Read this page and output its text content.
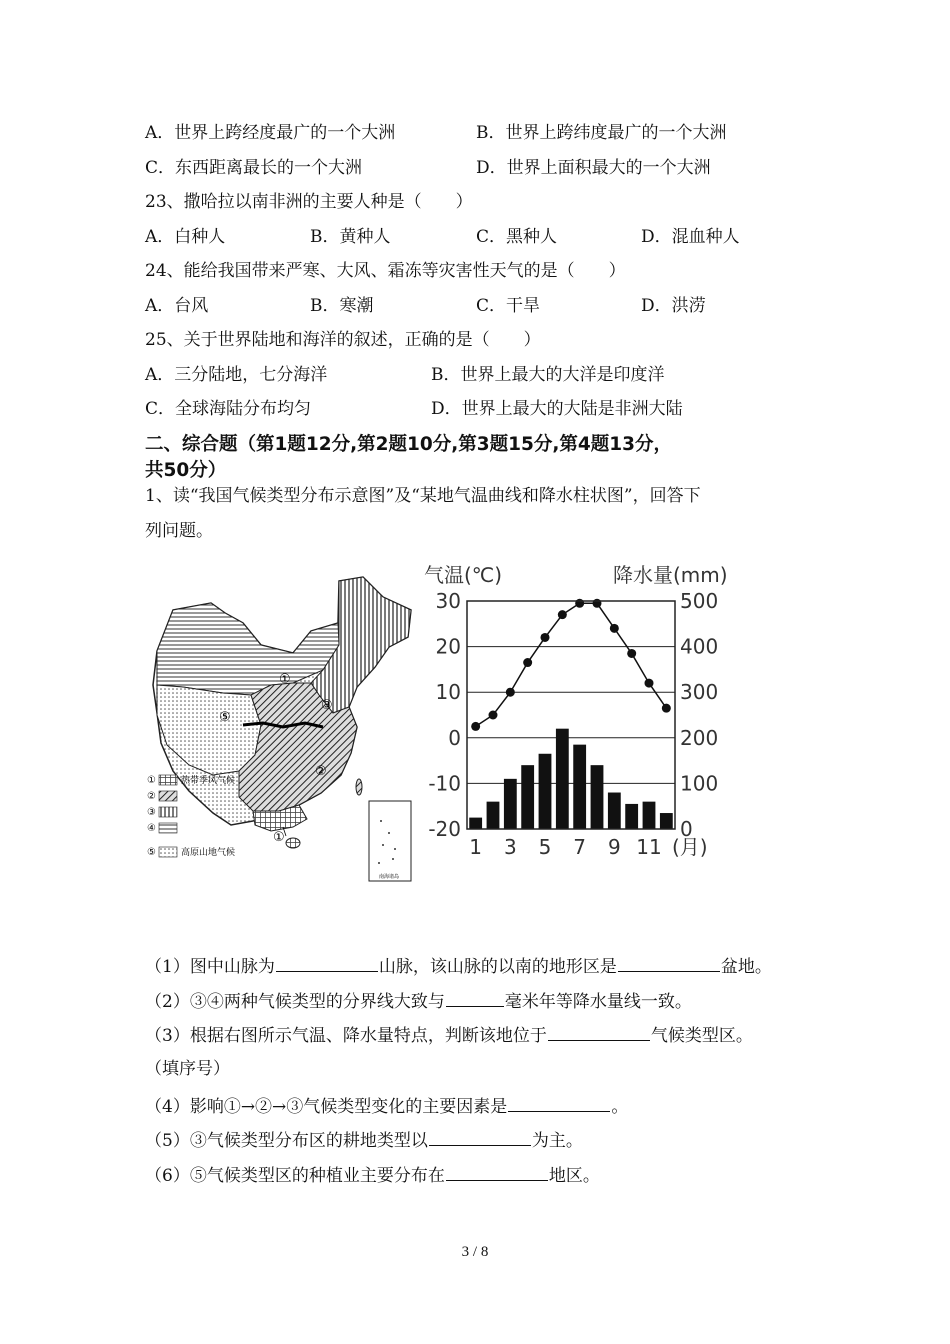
A．世界上跨经度最广的一个大洲	B．世界上跨纬度最广的一个大洲
C．东西距离最长的一个大洲	D．世界上面积最大的一个大洲
23、撒哈拉以南非洲的主要人种是（　　）
A．白种人	B．黄种人	C．黑种人	D．混血种人
24、能给我国带来严寒、大风、霜冻等灾害性天气的是（　　）
A．台风	B．寒潮	C．干旱	D．洪涝
25、关于世界陆地和海洋的叙述，正确的是（　　）
A．三分陆地，七分海洋	B．世界上最大的大洋是印度洋
C．全球海陆分布均匀	D．世界上最大的大陆是非洲大陆
二、综合题（第1题12分,第2题10分,第3题15分,第4题13分，
共50分）
1、读“我国气候类型分布示意图”及“某地气温曲线和降水柱状图”，回答下
列问题。
①
②
③
⑤
①
①	热带季风气候
②
③
④
⑤	高原山地气候
南海诸岛
气温(℃)	降水量(mm)
30
20
10
0
-10
-20
500
400
300
200
100
0
1 3 5 7 9 11 (月)
（1）图中山脉为	山脉，该山脉的以南的地形区是	盆地。
（2）③④两种气候类型的分界线大致与	毫米年等降水量线一致。
（3）根据右图所示气温、降水量特点，判断该地位于	气候类型区。
（填序号）
（4）影响①→②→③气候类型变化的主要因素是	。
（5）③气候类型分布区的耕地类型以	为主。
（6）⑤气候类型区的种植业主要分布在	地区。
3 / 8
